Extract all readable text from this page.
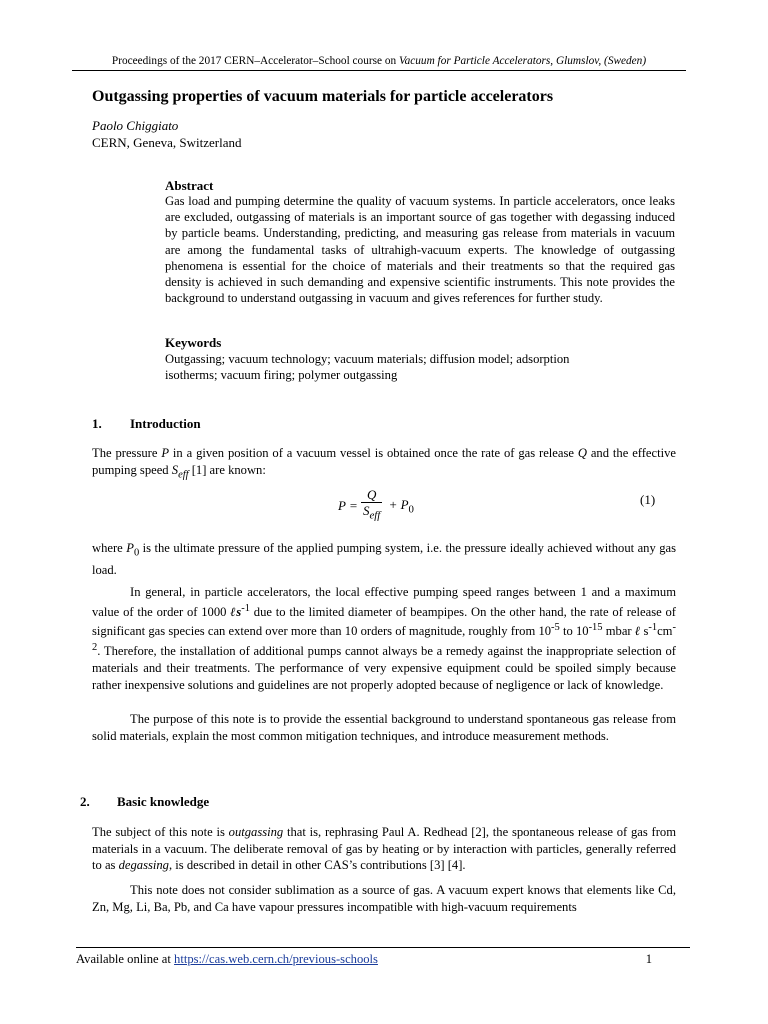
Proceedings of the 2017 CERN–Accelerator–School course on Vacuum for Particle Accelerators, Glumslov, (Sweden)
Outgassing properties of vacuum materials for particle accelerators
Paolo Chiggiato
CERN, Geneva, Switzerland
Abstract
Gas load and pumping determine the quality of vacuum systems. In particle accelerators, once leaks are excluded, outgassing of materials is an important source of gas together with degassing induced by particle beams. Understanding, predicting, and measuring gas release from materials in vacuum are among the fundamental tasks of ultrahigh-vacuum experts. The knowledge of outgassing phenomena is essential for the choice of materials and their treatments so that the required gas density is achieved in such demanding and expensive scientific instruments. This note provides the background to understand outgassing in vacuum and gives references for further study.
Keywords
Outgassing; vacuum technology; vacuum materials; diffusion model; adsorption
isotherms; vacuum firing; polymer outgassing
1. Introduction
The pressure P in a given position of a vacuum vessel is obtained once the rate of gas release Q and the effective pumping speed $S_{eff}$ [1] are known:
$P = \frac{Q}{S_{eff}} + P_0$
(1)
where $P_0$ is the ultimate pressure of the applied pumping system, i.e. the pressure ideally achieved without any gas load.
In general, in particle accelerators, the local effective pumping speed ranges between 1 and a maximum value of the order of 1000 ℓs$^{-1}$ due to the limited diameter of beampipes. On the other hand, the rate of release of significant gas species can extend over more than 10 orders of magnitude, roughly from $10^{-5}$ to $10^{-15}$ mbar ℓ $s^{-1}cm^{-2}$. Therefore, the installation of additional pumps cannot always be a remedy against the inappropriate selection of materials and their treatments. The performance of very expensive equipment could be spoiled simply because rather inexpensive solutions and guidelines are not properly adopted because of negligence or lack of knowledge.
The purpose of this note is to provide the essential background to understand spontaneous gas release from solid materials, explain the most common mitigation techniques, and introduce measurement methods.
2. Basic knowledge
The subject of this note is outgassing that is, rephrasing Paul A. Redhead [2], the spontaneous release of gas from materials in a vacuum. The deliberate removal of gas by heating or by interaction with particles, generally referred to as degassing, is described in detail in other CAS’s contributions [3] [4].
This note does not consider sublimation as a source of gas. A vacuum expert knows that elements like Cd, Zn, Mg, Li, Ba, Pb, and Ca have vapour pressures incompatible with high-vacuum requirements
Available online at https://cas.web.cern.ch/previous-schools	1
